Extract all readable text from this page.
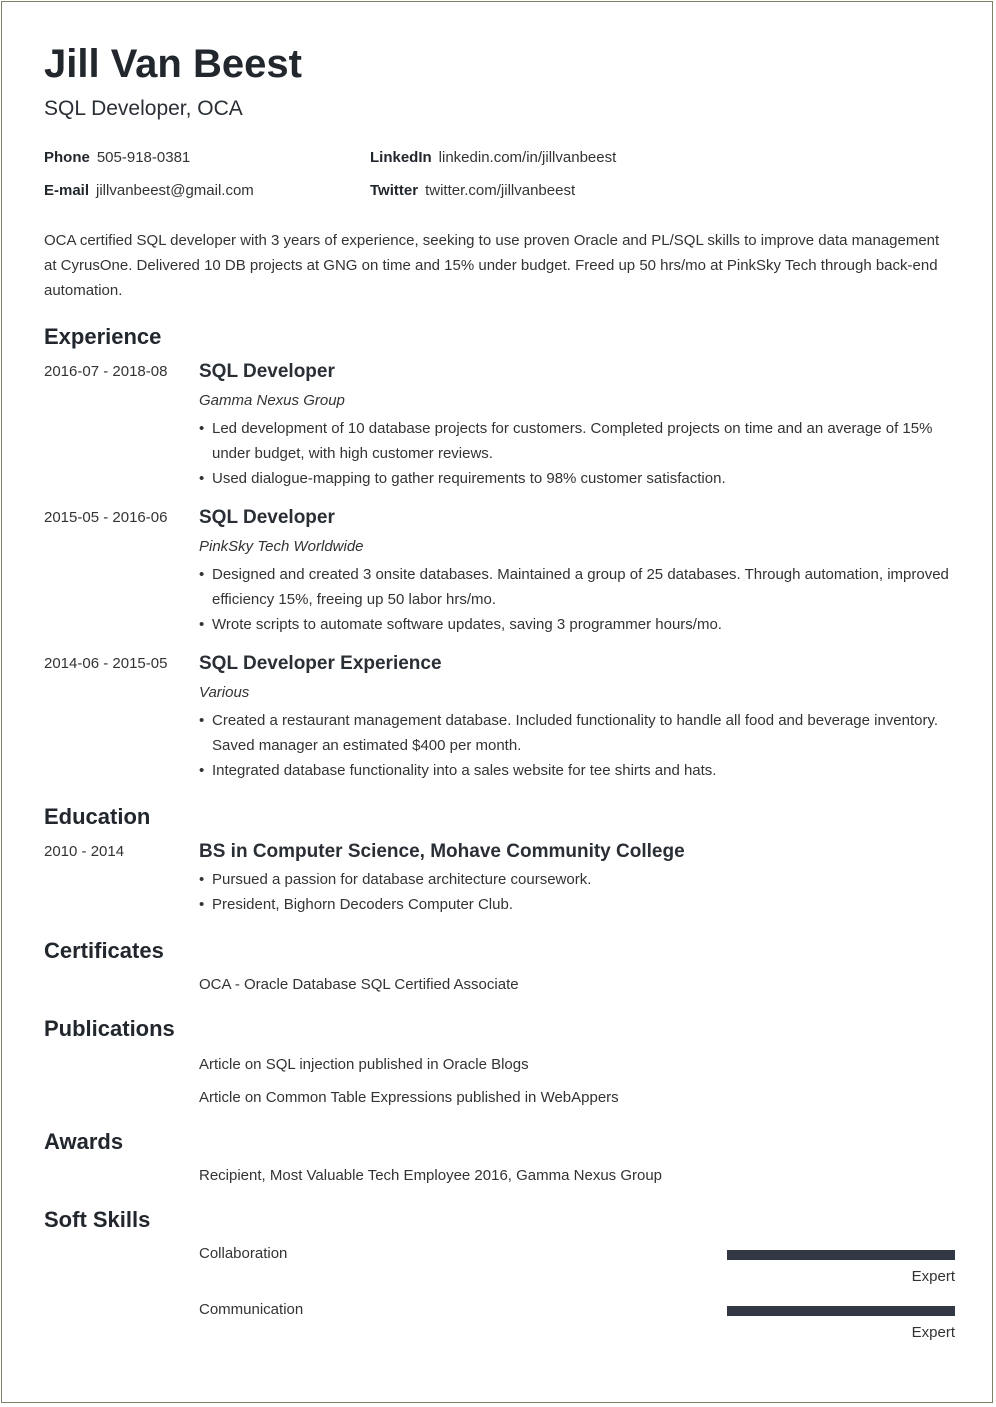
Jill Van Beest
SQL Developer, OCA
Phone 505-918-0381	LinkedIn linkedin.com/in/jillvanbeest
E-mail jillvanbeest@gmail.com	Twitter twitter.com/jillvanbeest
OCA certified SQL developer with 3 years of experience, seeking to use proven Oracle and PL/SQL skills to improve data management at CyrusOne. Delivered 10 DB projects at GNG on time and 15% under budget. Freed up 50 hrs/mo at PinkSky Tech through back-end automation.
Experience
2016-07 - 2018-08	SQL Developer
Gamma Nexus Group
• Led development of 10 database projects for customers. Completed projects on time and an average of 15% under budget, with high customer reviews.
• Used dialogue-mapping to gather requirements to 98% customer satisfaction.
2015-05 - 2016-06	SQL Developer
PinkSky Tech Worldwide
• Designed and created 3 onsite databases. Maintained a group of 25 databases. Through automation, improved efficiency 15%, freeing up 50 labor hrs/mo.
• Wrote scripts to automate software updates, saving 3 programmer hours/mo.
2014-06 - 2015-05	SQL Developer Experience
Various
• Created a restaurant management database. Included functionality to handle all food and beverage inventory. Saved manager an estimated $400 per month.
• Integrated database functionality into a sales website for tee shirts and hats.
Education
2010 - 2014	BS in Computer Science, Mohave Community College
• Pursued a passion for database architecture coursework.
• President, Bighorn Decoders Computer Club.
Certificates
OCA - Oracle Database SQL Certified Associate
Publications
Article on SQL injection published in Oracle Blogs
Article on Common Table Expressions published in WebAppers
Awards
Recipient, Most Valuable Tech Employee 2016, Gamma Nexus Group
Soft Skills
Collaboration
Expert
Communication
Expert
